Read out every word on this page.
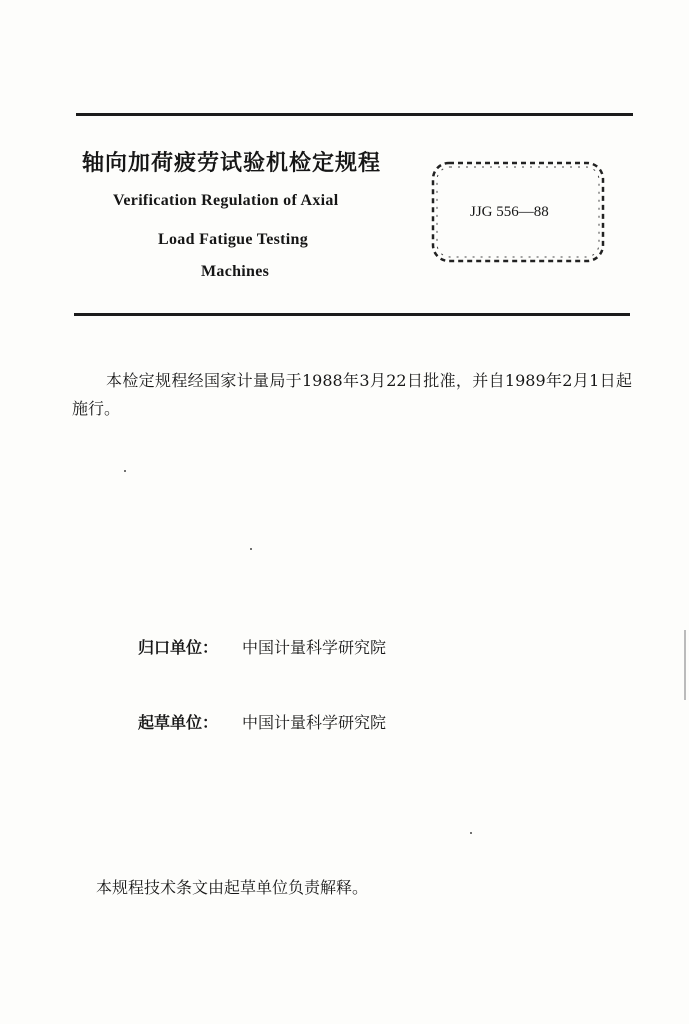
轴向加荷疲劳试验机检定规程
Verification Regulation of Axial
Load Fatigue Testing
Machines
JJG 556—88
本检定规程经国家计量局于1988年3月22日批准，并自1989年2月1日起施行。
归口单位： 中国计量科学研究院
起草单位： 中国计量科学研究院
本规程技术条文由起草单位负责解释。
